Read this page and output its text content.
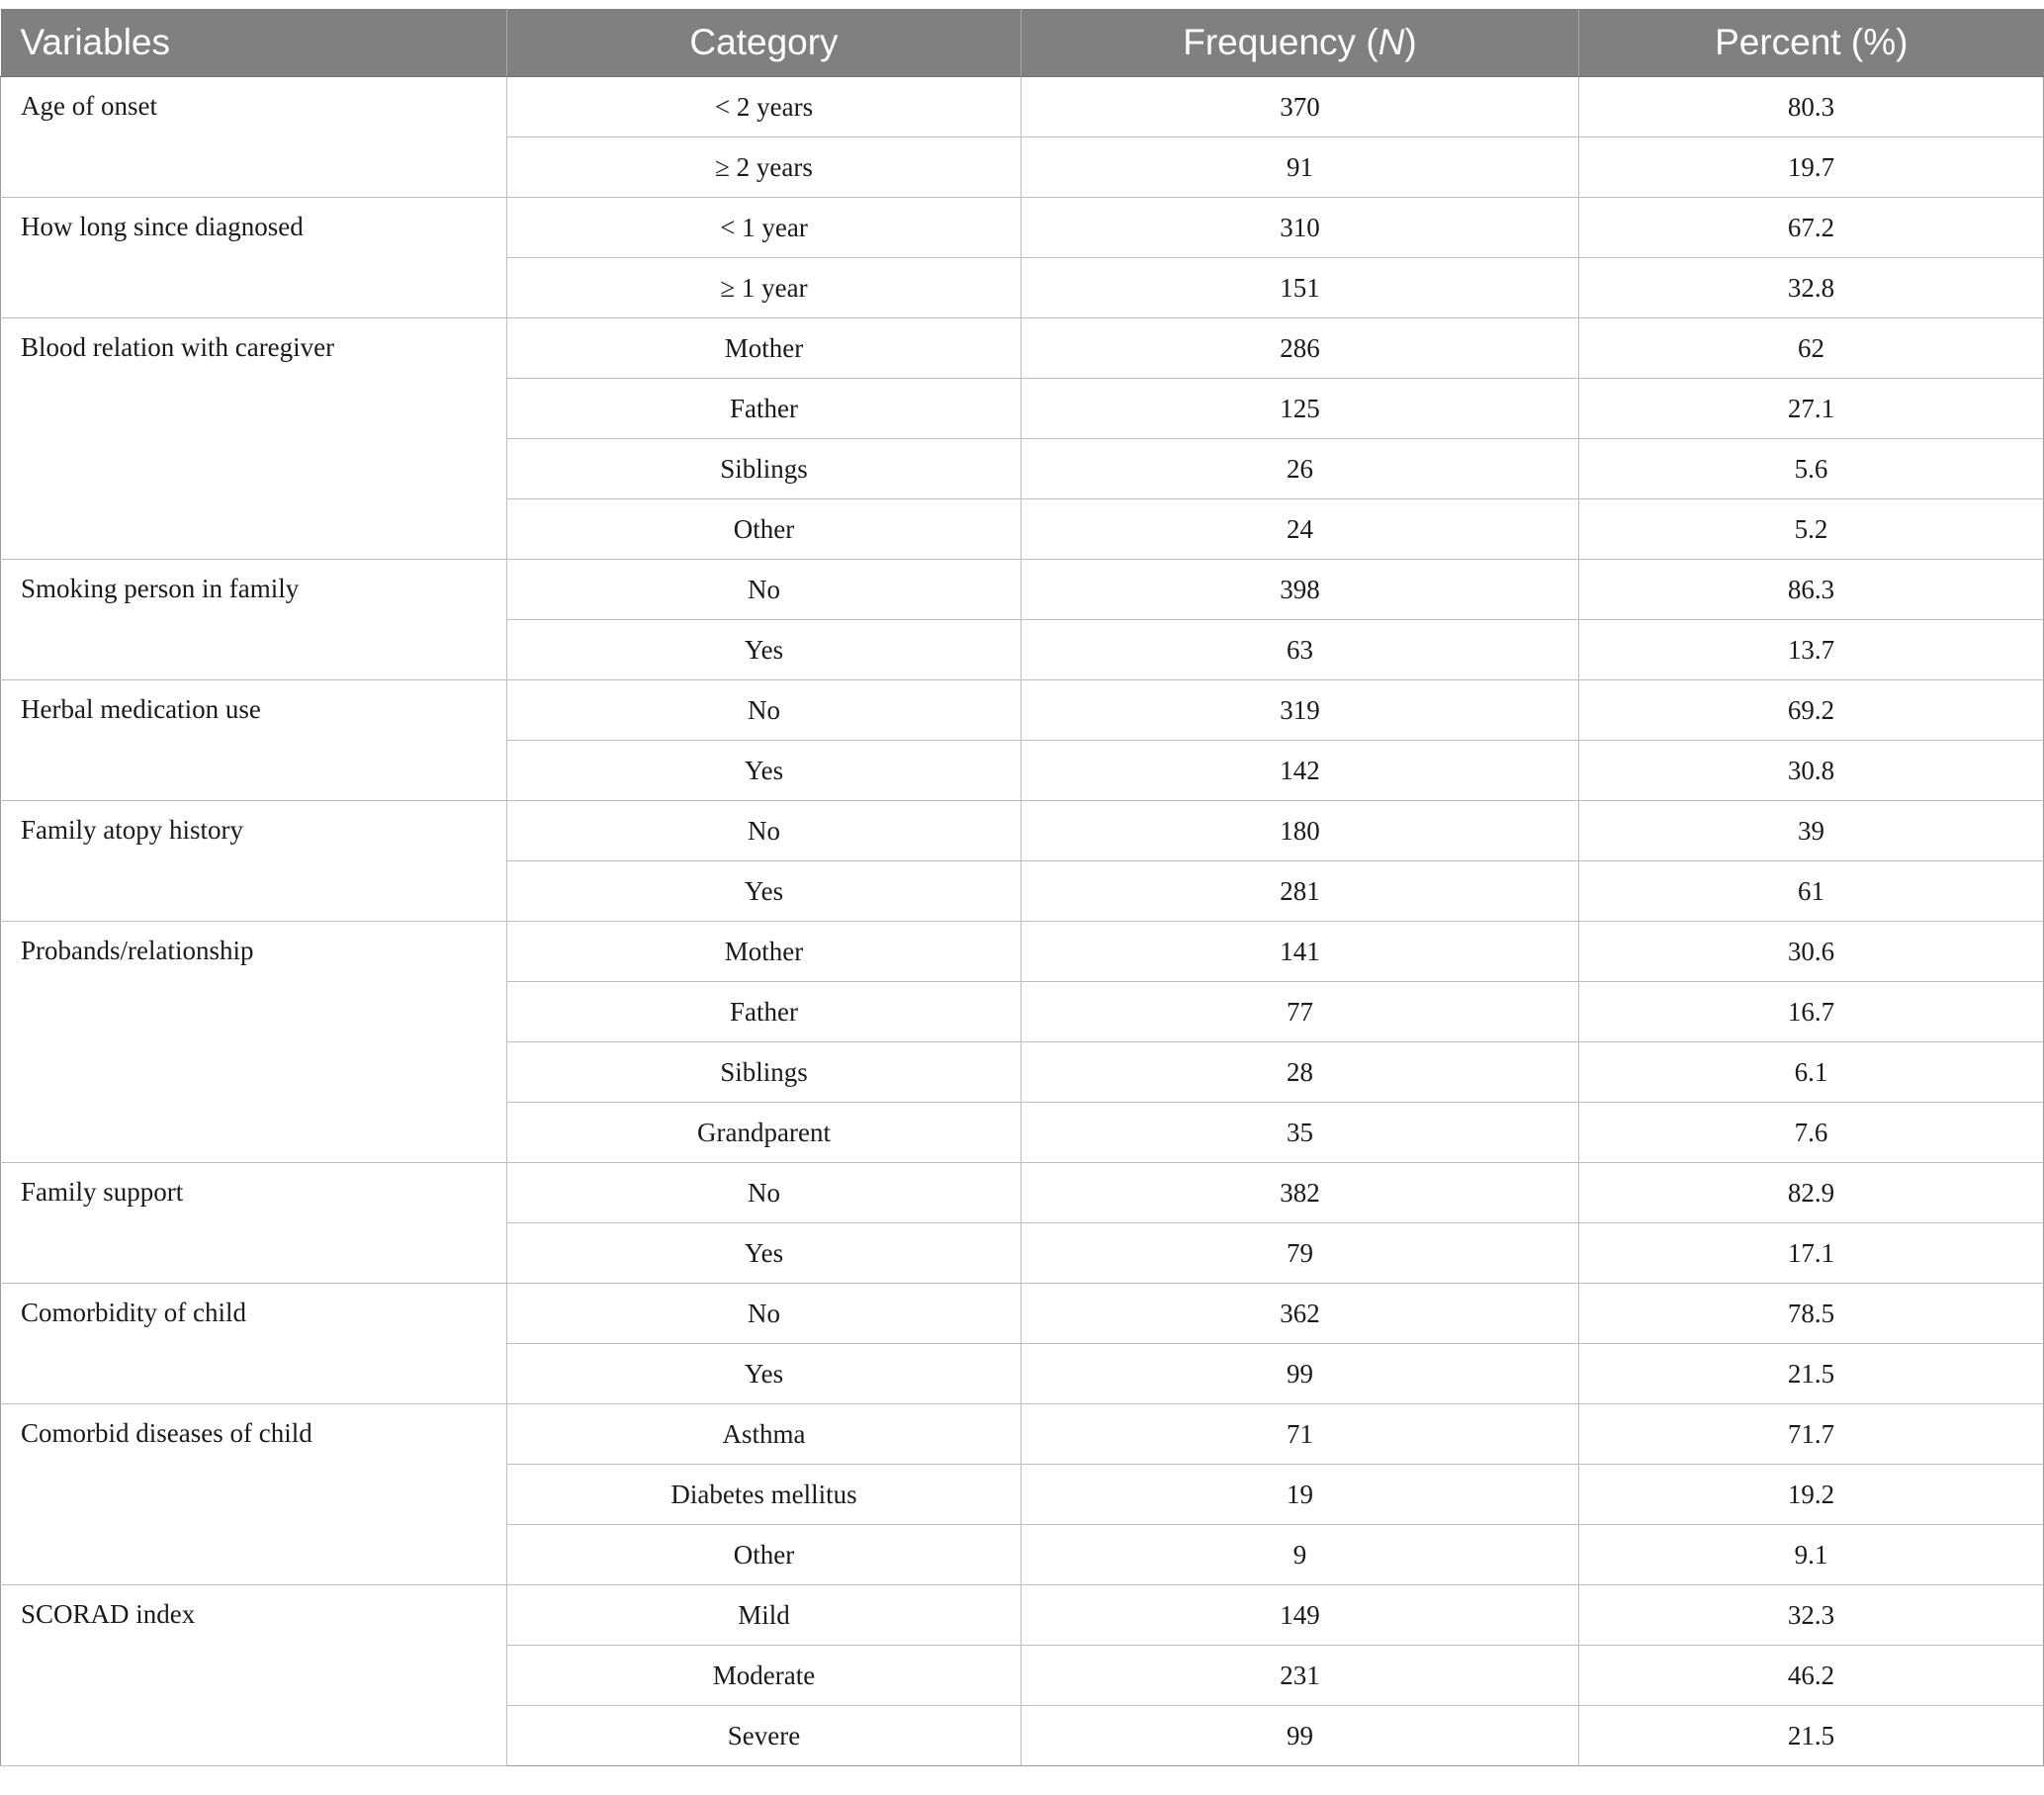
Variables	Category	Frequency (N)	Percent (%)
Age of onset	< 2 years	370	80.3
	≥ 2 years	91	19.7
How long since diagnosed	< 1 year	310	67.2
	≥ 1 year	151	32.8
Blood relation with caregiver	Mother	286	62
	Father	125	27.1
	Siblings	26	5.6
	Other	24	5.2
Smoking person in family	No	398	86.3
	Yes	63	13.7
Herbal medication use	No	319	69.2
	Yes	142	30.8
Family atopy history	No	180	39
	Yes	281	61
Probands/relationship	Mother	141	30.6
	Father	77	16.7
	Siblings	28	6.1
	Grandparent	35	7.6
Family support	No	382	82.9
	Yes	79	17.1
Comorbidity of child	No	362	78.5
	Yes	99	21.5
Comorbid diseases of child	Asthma	71	71.7
	Diabetes mellitus	19	19.2
	Other	9	9.1
SCORAD index	Mild	149	32.3
	Moderate	231	46.2
	Severe	99	21.5
